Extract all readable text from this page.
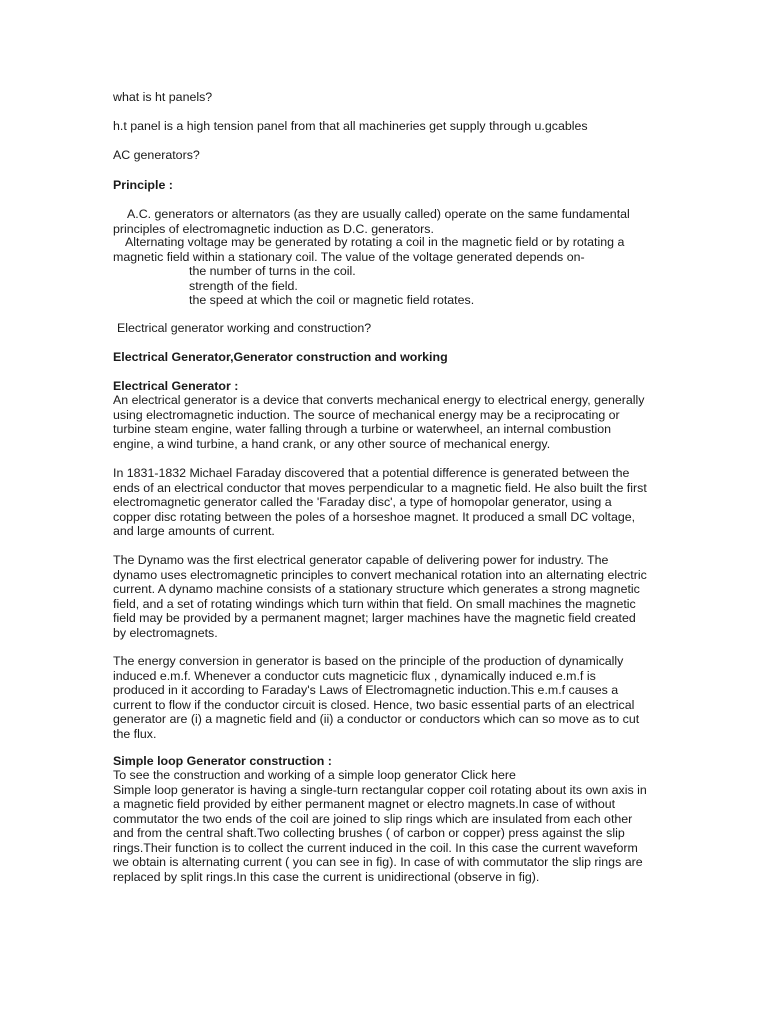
what is ht panels?

h.t panel is a high tension panel from that all machineries get supply through u.gcables

AC generators?

Principle :

A.C. generators or alternators (as they are usually called) operate on the same fundamental
principles of electromagnetic induction as D.C. generators.

Alternating voltage may be generated by rotating a coil in the magnetic field or by rotating a
magnetic field within a stationary coil. The value of the voltage generated depends on-

the number of turns in the coil.
strength of the field.
the speed at which the coil or magnetic field rotates.

Electrical generator working and construction?

Electrical Generator,Generator construction and working

Electrical Generator :

An electrical generator is a device that converts mechanical energy to electrical energy, generally
using electromagnetic induction. The source of mechanical energy may be a reciprocating or
turbine steam engine, water falling through a turbine or waterwheel, an internal combustion
engine, a wind turbine, a hand crank, or any other source of mechanical energy.

In 1831-1832 Michael Faraday discovered that a potential difference is generated between the
ends of an electrical conductor that moves perpendicular to a magnetic field. He also built the first
electromagnetic generator called the 'Faraday disc', a type of homopolar generator, using a
copper disc rotating between the poles of a horseshoe magnet. It produced a small DC voltage,
and large amounts of current.

The Dynamo was the first electrical generator capable of delivering power for industry. The
dynamo uses electromagnetic principles to convert mechanical rotation into an alternating electric
current. A dynamo machine consists of a stationary structure which generates a strong magnetic
field, and a set of rotating windings which turn within that field. On small machines the magnetic
field may be provided by a permanent magnet; larger machines have the magnetic field created
by electromagnets.

The energy conversion in generator is based on the principle of the production of dynamically
induced e.m.f. Whenever a conductor cuts magneticic flux , dynamically induced e.m.f is
produced in it according to Faraday's Laws of Electromagnetic induction.This e.m.f causes a
current to flow if the conductor circuit is closed. Hence, two basic essential parts of an electrical
generator are (i) a magnetic field and (ii) a conductor or conductors which can so move as to cut
the flux.

Simple loop Generator construction :

To see the construction and working of a simple loop generator Click here
Simple loop generator is having a single-turn rectangular copper coil rotating about its own axis in
a magnetic field provided by either permanent magnet or electro magnets.In case of without
commutator the two ends of the coil are joined to slip rings which are insulated from each other
and from the central shaft.Two collecting brushes ( of carbon or copper) press against the slip
rings.Their function is to collect the current induced in the coil. In this case the current waveform
we obtain is alternating current ( you can see in fig). In case of with commutator the slip rings are
replaced by split rings.In this case the current is unidirectional (observe in fig).
